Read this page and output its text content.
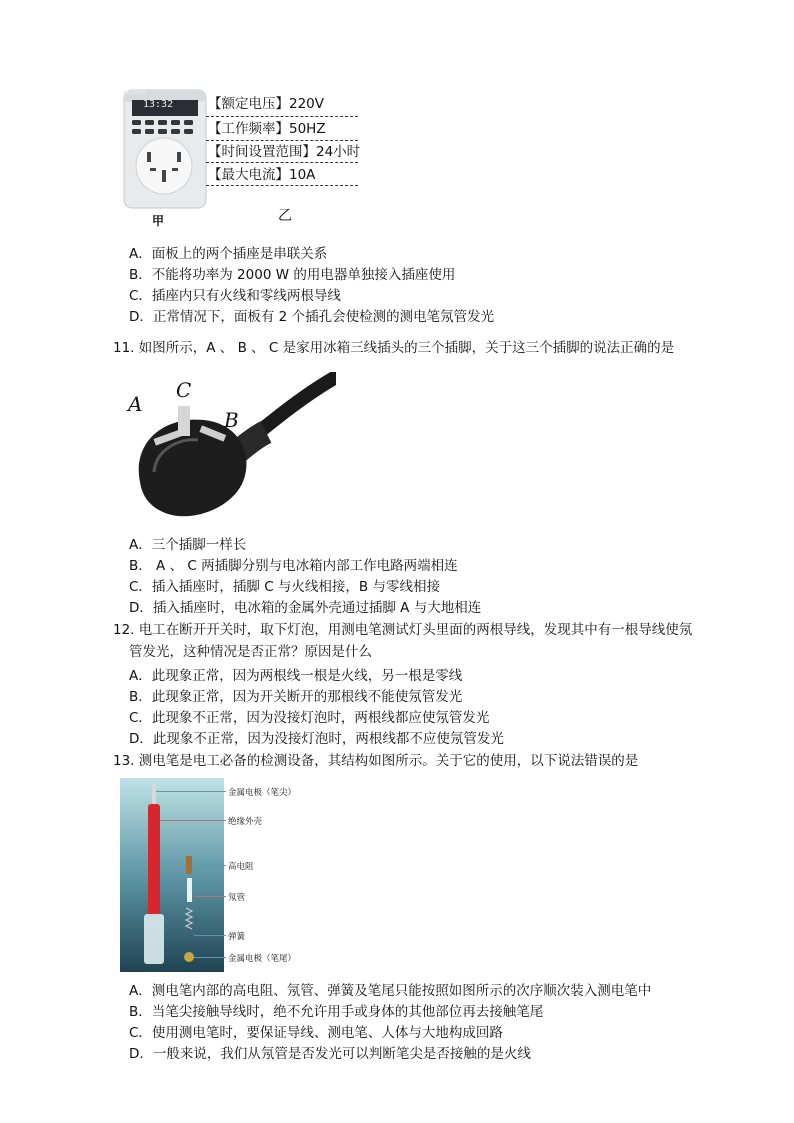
emake
13:32
甲	乙
【额定电压】220V
【工作频率】50HZ
【时间设置范围】24小时
【最大电流】10A
A．面板上的两个插座是串联关系
B．不能将功率为 2000 W 的用电器单独接入插座使用
C．插座内只有火线和零线两根导线
D．正常情况下，面板有 2 个插孔会使检测的测电笔氖管发光
11. 如图所示，A 、 B 、 C 是家用冰箱三线插头的三个插脚，关于这三个插脚的说法正确的是
A
C
B
A．三个插脚一样长
B． A 、 C 两插脚分别与电冰箱内部工作电路两端相连
C．插入插座时，插脚 C 与火线相接，B 与零线相接
D．插入插座时，电冰箱的金属外壳通过插脚 A 与大地相连
12. 电工在断开开关时，取下灯泡，用测电笔测试灯头里面的两根导线，发现其中有一根导线使氖
管发光，这种情况是否正常？原因是什么
A．此现象正常，因为两根线一根是火线，另一根是零线
B．此现象正常，因为开关断开的那根线不能使氖管发光
C．此现象不正常，因为没接灯泡时，两根线都应使氖管发光
D．此现象不正常，因为没接灯泡时，两根线都不应使氖管发光
13. 测电笔是电工必备的检测设备，其结构如图所示。关于它的使用，以下说法错误的是
金属电极（笔尖）
绝缘外壳
高电阻
氖管
弹簧
金属电极（笔尾）
A．测电笔内部的高电阻、氖管、弹簧及笔尾只能按照如图所示的次序顺次装入测电笔中
B．当笔尖接触导线时，绝不允许用手或身体的其他部位再去接触笔尾
C．使用测电笔时，要保证导线、测电笔、人体与大地构成回路
D．一般来说，我们从氖管是否发光可以判断笔尖是否接触的是火线
